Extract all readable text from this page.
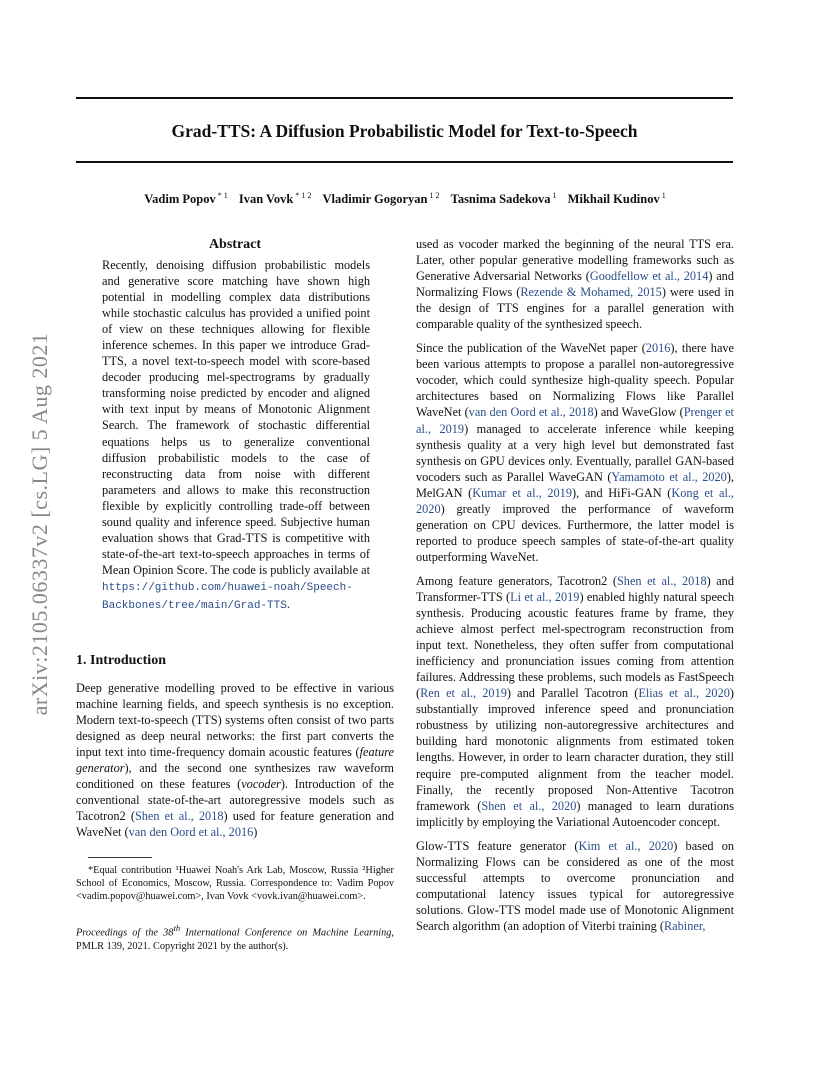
Grad-TTS: A Diffusion Probabilistic Model for Text-to-Speech
Vadim Popov $^{* 1}$ Ivan Vovk $^{* 1 2}$ Vladimir Gogoryan $^{1 2}$ Tasnima Sadekova $^1$ Mikhail Kudinov $^1$
arXiv:2105.06337v2 [cs.LG] 5 Aug 2021
Abstract
Recently, denoising diffusion probabilistic models and generative score matching have shown high potential in modelling complex data distributions while stochastic calculus has provided a unified point of view on these techniques allowing for flexible inference schemes. In this paper we introduce Grad-TTS, a novel text-to-speech model with score-based decoder producing mel-spectrograms by gradually transforming noise predicted by encoder and aligned with text input by means of Monotonic Alignment Search. The framework of stochastic differential equations helps us to generalize conventional diffusion probabilistic models to the case of reconstructing data from noise with different parameters and allows to make this reconstruction flexible by explicitly controlling trade-off between sound quality and inference speed. Subjective human evaluation shows that Grad-TTS is competitive with state-of-the-art text-to-speech approaches in terms of Mean Opinion Score. The code is publicly available at https://github.com/huawei-noah/Speech-Backbones/tree/main/Grad-TTS.
1. Introduction

Deep generative modelling proved to be effective in various machine learning fields, and speech synthesis is no exception. Modern text-to-speech (TTS) systems often consist of two parts designed as deep neural networks: the first part converts the input text into time-frequency domain acoustic features (feature generator), and the second one synthesizes raw waveform conditioned on these features (vocoder). Introduction of the conventional state-of-the-art autoregressive models such as Tacotron2 (Shen et al., 2018) used for feature generation and WaveNet (van den Oord et al., 2016)

*Equal contribution ¹Huawei Noah's Ark Lab, Moscow, Russia ²Higher School of Economics, Moscow, Russia. Correspondence to: Vadim Popov <vadim.popov@huawei.com>, Ivan Vovk <vovk.ivan@huawei.com>.
Proceedings of the 38th International Conference on Machine Learning, PMLR 139, 2021. Copyright 2021 by the author(s).

used as vocoder marked the beginning of the neural TTS era. Later, other popular generative modelling frameworks such as Generative Adversarial Networks (Goodfellow et al., 2014) and Normalizing Flows (Rezende & Mohamed, 2015) were used in the design of TTS engines for a parallel generation with comparable quality of the synthesized speech.

Since the publication of the WaveNet paper (2016), there have been various attempts to propose a parallel non-autoregressive vocoder, which could synthesize high-quality speech. Popular architectures based on Normalizing Flows like Parallel WaveNet (van den Oord et al., 2018) and WaveGlow (Prenger et al., 2019) managed to accelerate inference while keeping synthesis quality at a very high level but demonstrated fast synthesis on GPU devices only. Eventually, parallel GAN-based vocoders such as Parallel WaveGAN (Yamamoto et al., 2020), MelGAN (Kumar et al., 2019), and HiFi-GAN (Kong et al., 2020) greatly improved the performance of waveform generation on CPU devices. Furthermore, the latter model is reported to produce speech samples of state-of-the-art quality outperforming WaveNet.

Among feature generators, Tacotron2 (Shen et al., 2018) and Transformer-TTS (Li et al., 2019) enabled highly natural speech synthesis. Producing acoustic features frame by frame, they achieve almost perfect mel-spectrogram reconstruction from input text. Nonetheless, they often suffer from computational inefficiency and pronunciation issues coming from attention failures. Addressing these problems, such models as FastSpeech (Ren et al., 2019) and Parallel Tacotron (Elias et al., 2020) substantially improved inference speed and pronunciation robustness by utilizing non-autoregressive architectures and building hard monotonic alignments from estimated token lengths. However, in order to learn character duration, they still require pre-computed alignment from the teacher model. Finally, the recently proposed Non-Attentive Tacotron framework (Shen et al., 2020) managed to learn durations implicitly by employing the Variational Autoencoder concept.

Glow-TTS feature generator (Kim et al., 2020) based on Normalizing Flows can be considered as one of the most successful attempts to overcome pronunciation and computational latency issues typical for autoregressive solutions. Glow-TTS model made use of Monotonic Alignment Search algorithm (an adoption of Viterbi training (Rabiner,
